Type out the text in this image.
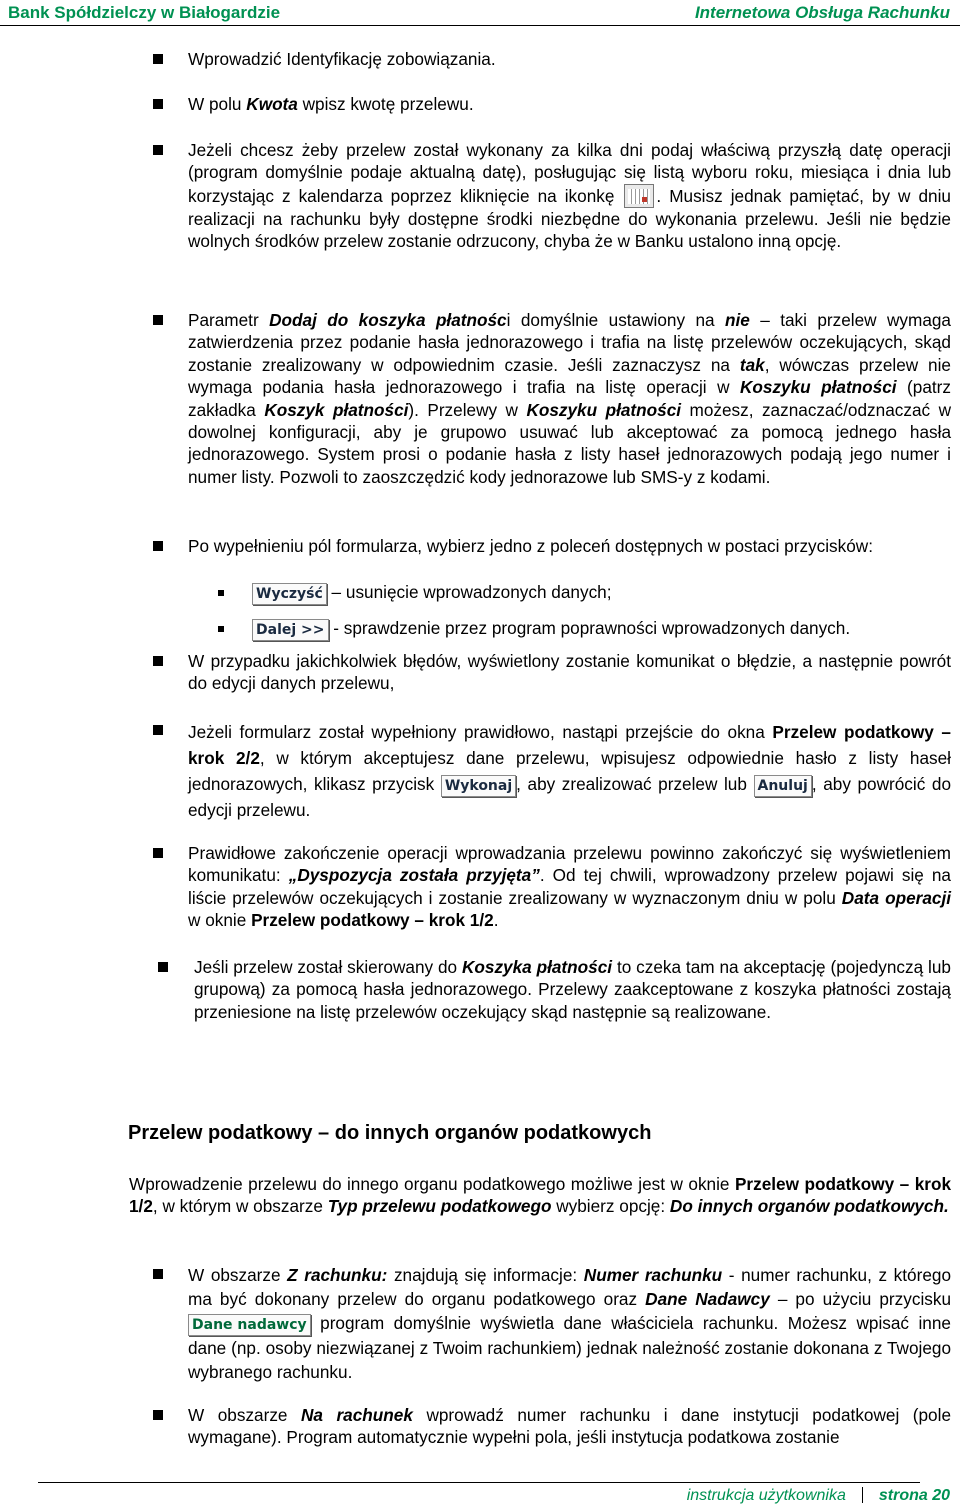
Bank Spółdzielczy w Białogardzie	Internetowa Obsługa Rachunku
Wprowadzić Identyfikację zobowiązania.
W polu Kwota wpisz kwotę przelewu.
Jeżeli chcesz żeby przelew został wykonany za kilka dni podaj właściwą przyszłą datę operacji (program domyślnie podaje aktualną datę), posługując się listą wyboru roku, miesiąca i dnia lub korzystając z kalendarza poprzez kliknięcie na ikonkę
. Musisz jednak pamiętać, by w dniu realizacji na rachunku były dostępne środki niezbędne do wykonania przelewu. Jeśli nie będzie wolnych środków przelew zostanie odrzucony, chyba że w Banku ustalono inną opcję.
Parametr Dodaj do koszyka płatności domyślnie ustawiony na nie – taki przelew wymaga zatwierdzenia przez podanie hasła jednorazowego i trafia na listę przelewów oczekujących, skąd zostanie zrealizowany w odpowiednim czasie. Jeśli zaznaczysz na tak, wówczas przelew nie wymaga podania hasła jednorazowego i trafia na listę operacji w Koszyku płatności (patrz zakładka Koszyk płatności). Przelewy w Koszyku płatności możesz, zaznaczać/odznaczać w dowolnej konfiguracji, aby je grupowo usuwać lub akceptować za pomocą jednego hasła jednorazowego. System prosi o podanie hasła z listy haseł jednorazowych podają jego numer i numer listy. Pozwoli to zaoszczędzić kody jednorazowe lub SMS-y z kodami.
Po wypełnieniu pól formularza, wybierz jedno z poleceń dostępnych w postaci przycisków:
Wyczyść – usunięcie wprowadzonych danych;
Dalej >> - sprawdzenie przez program poprawności wprowadzonych danych.
W przypadku jakichkolwiek błędów, wyświetlony zostanie komunikat o błędzie, a następnie powrót do edycji danych przelewu,
Jeżeli formularz został wypełniony prawidłowo, nastąpi przejście do okna Przelew podatkowy – krok 2/2, w którym akceptujesz dane przelewu, wpisujesz odpowiednie hasło z listy haseł jednorazowych, klikasz przycisk Wykonaj , aby zrealizować przelew lub Anuluj , aby powrócić do edycji przelewu.
Prawidłowe zakończenie operacji wprowadzania przelewu powinno zakończyć się wyświetleniem komunikatu: „Dyspozycja została przyjęta”. Od tej chwili, wprowadzony przelew pojawi się na liście przelewów oczekujących i zostanie zrealizowany w wyznaczonym dniu w polu Data operacji w oknie Przelew podatkowy – krok 1/2.
Jeśli przelew został skierowany do Koszyka płatności to czeka tam na akceptację (pojedynczą lub grupową) za pomocą hasła jednorazowego. Przelewy zaakceptowane z koszyka płatności zostają przeniesione na listę przelewów oczekujący skąd następnie są realizowane.
Przelew podatkowy – do innych organów podatkowych
Wprowadzenie przelewu do innego organu podatkowego możliwe jest w oknie Przelew podatkowy – krok 1/2, w którym w obszarze Typ przelewu podatkowego wybierz opcję: Do innych organów podatkowych.
W obszarze Z rachunku: znajdują się informacje: Numer rachunku - numer rachunku, z którego ma być dokonany przelew do organu podatkowego oraz Dane Nadawcy – po użyciu przycisku Dane nadawcy program domyślnie wyświetla dane właściciela rachunku. Możesz wpisać inne dane (np. osoby niezwiązanej z Twoim rachunkiem) jednak należność zostanie dokonana z Twojego wybranego rachunku.
W obszarze Na rachunek wprowadź numer rachunku i dane instytucji podatkowej (pole wymagane). Program automatycznie wypełni pola, jeśli instytucja podatkowa zostanie
instrukcja użytkownika strona 20
